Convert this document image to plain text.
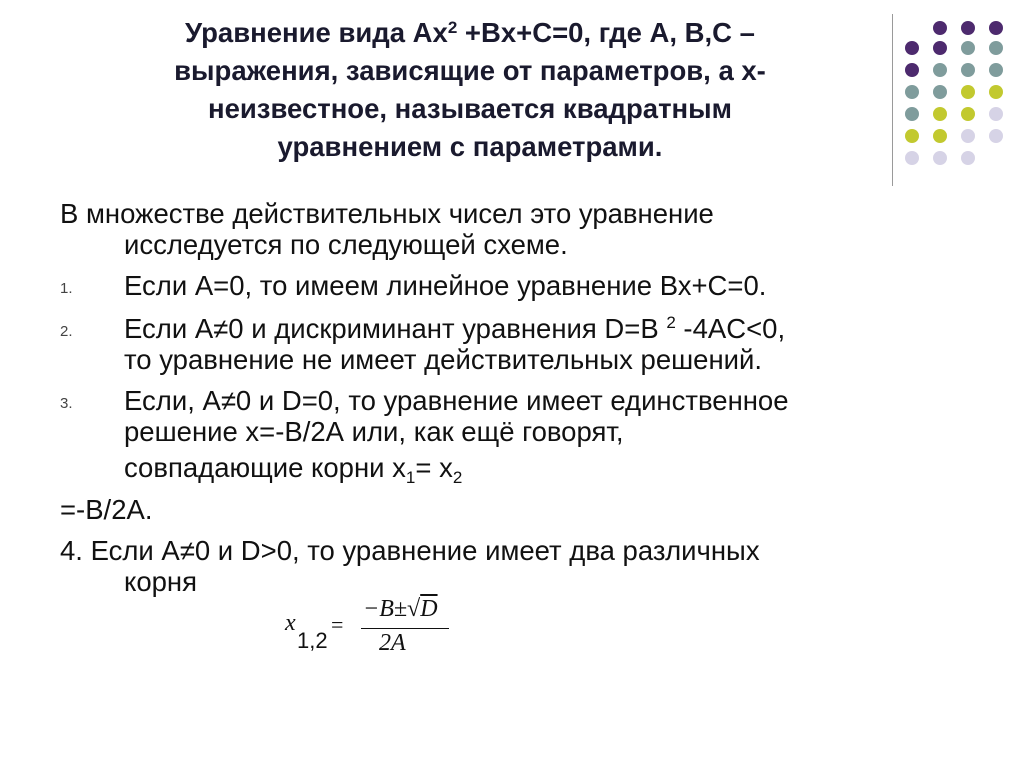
Уравнение вида $Ax^2 +Bx+C=0$, где А, В,С –
выражения, зависящие от параметров, а х-
неизвестное, называется квадратным
уравнением с параметрами.
В множестве действительных чисел это уравнение
исследуется по следующей схеме.
1. Если А=0, то имеем линейное уравнение Вх+С=0.
2. Если А≠0 и дискриминант уравнения D=B $^2$ -4AC<0,
то уравнение не имеет действительных решений.
3. Если, А≠0 и D=0, то уравнение имеет единственное
решение х=-В/2А или, как ещё говорят,
совпадающие корни $х_1= х_2$
=-В/2А.
4. Если А≠0 и D>0, то уравнение имеет два различных
корня
x
1,2
=
−B±√D
2A
